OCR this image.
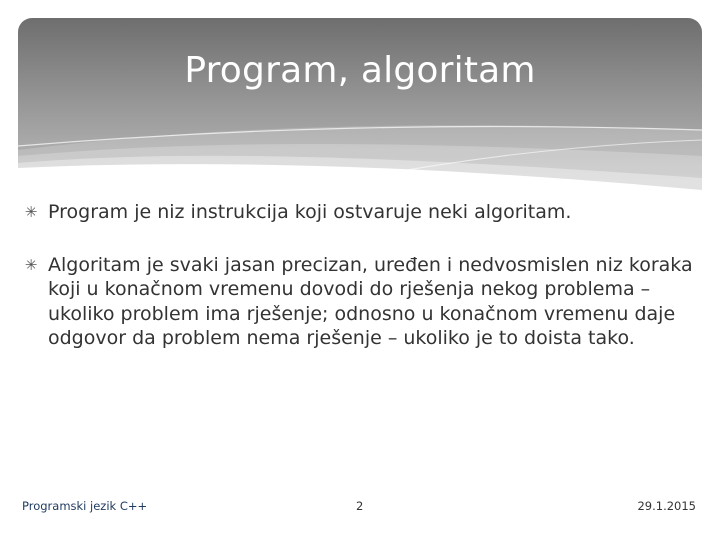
Program, algoritam
✳ Program je niz instrukcija koji ostvaruje neki algoritam.
✳ Algoritam je svaki jasan precizan, uređen i nedvosmislen niz koraka koji u konačnom vremenu dovodi do rješenja nekog problema – ukoliko problem ima rješenje; odnosno u konačnom vremenu daje odgovor da problem nema rješenje – ukoliko je to doista tako.
Programski jezik C++	2	29.1.2015
